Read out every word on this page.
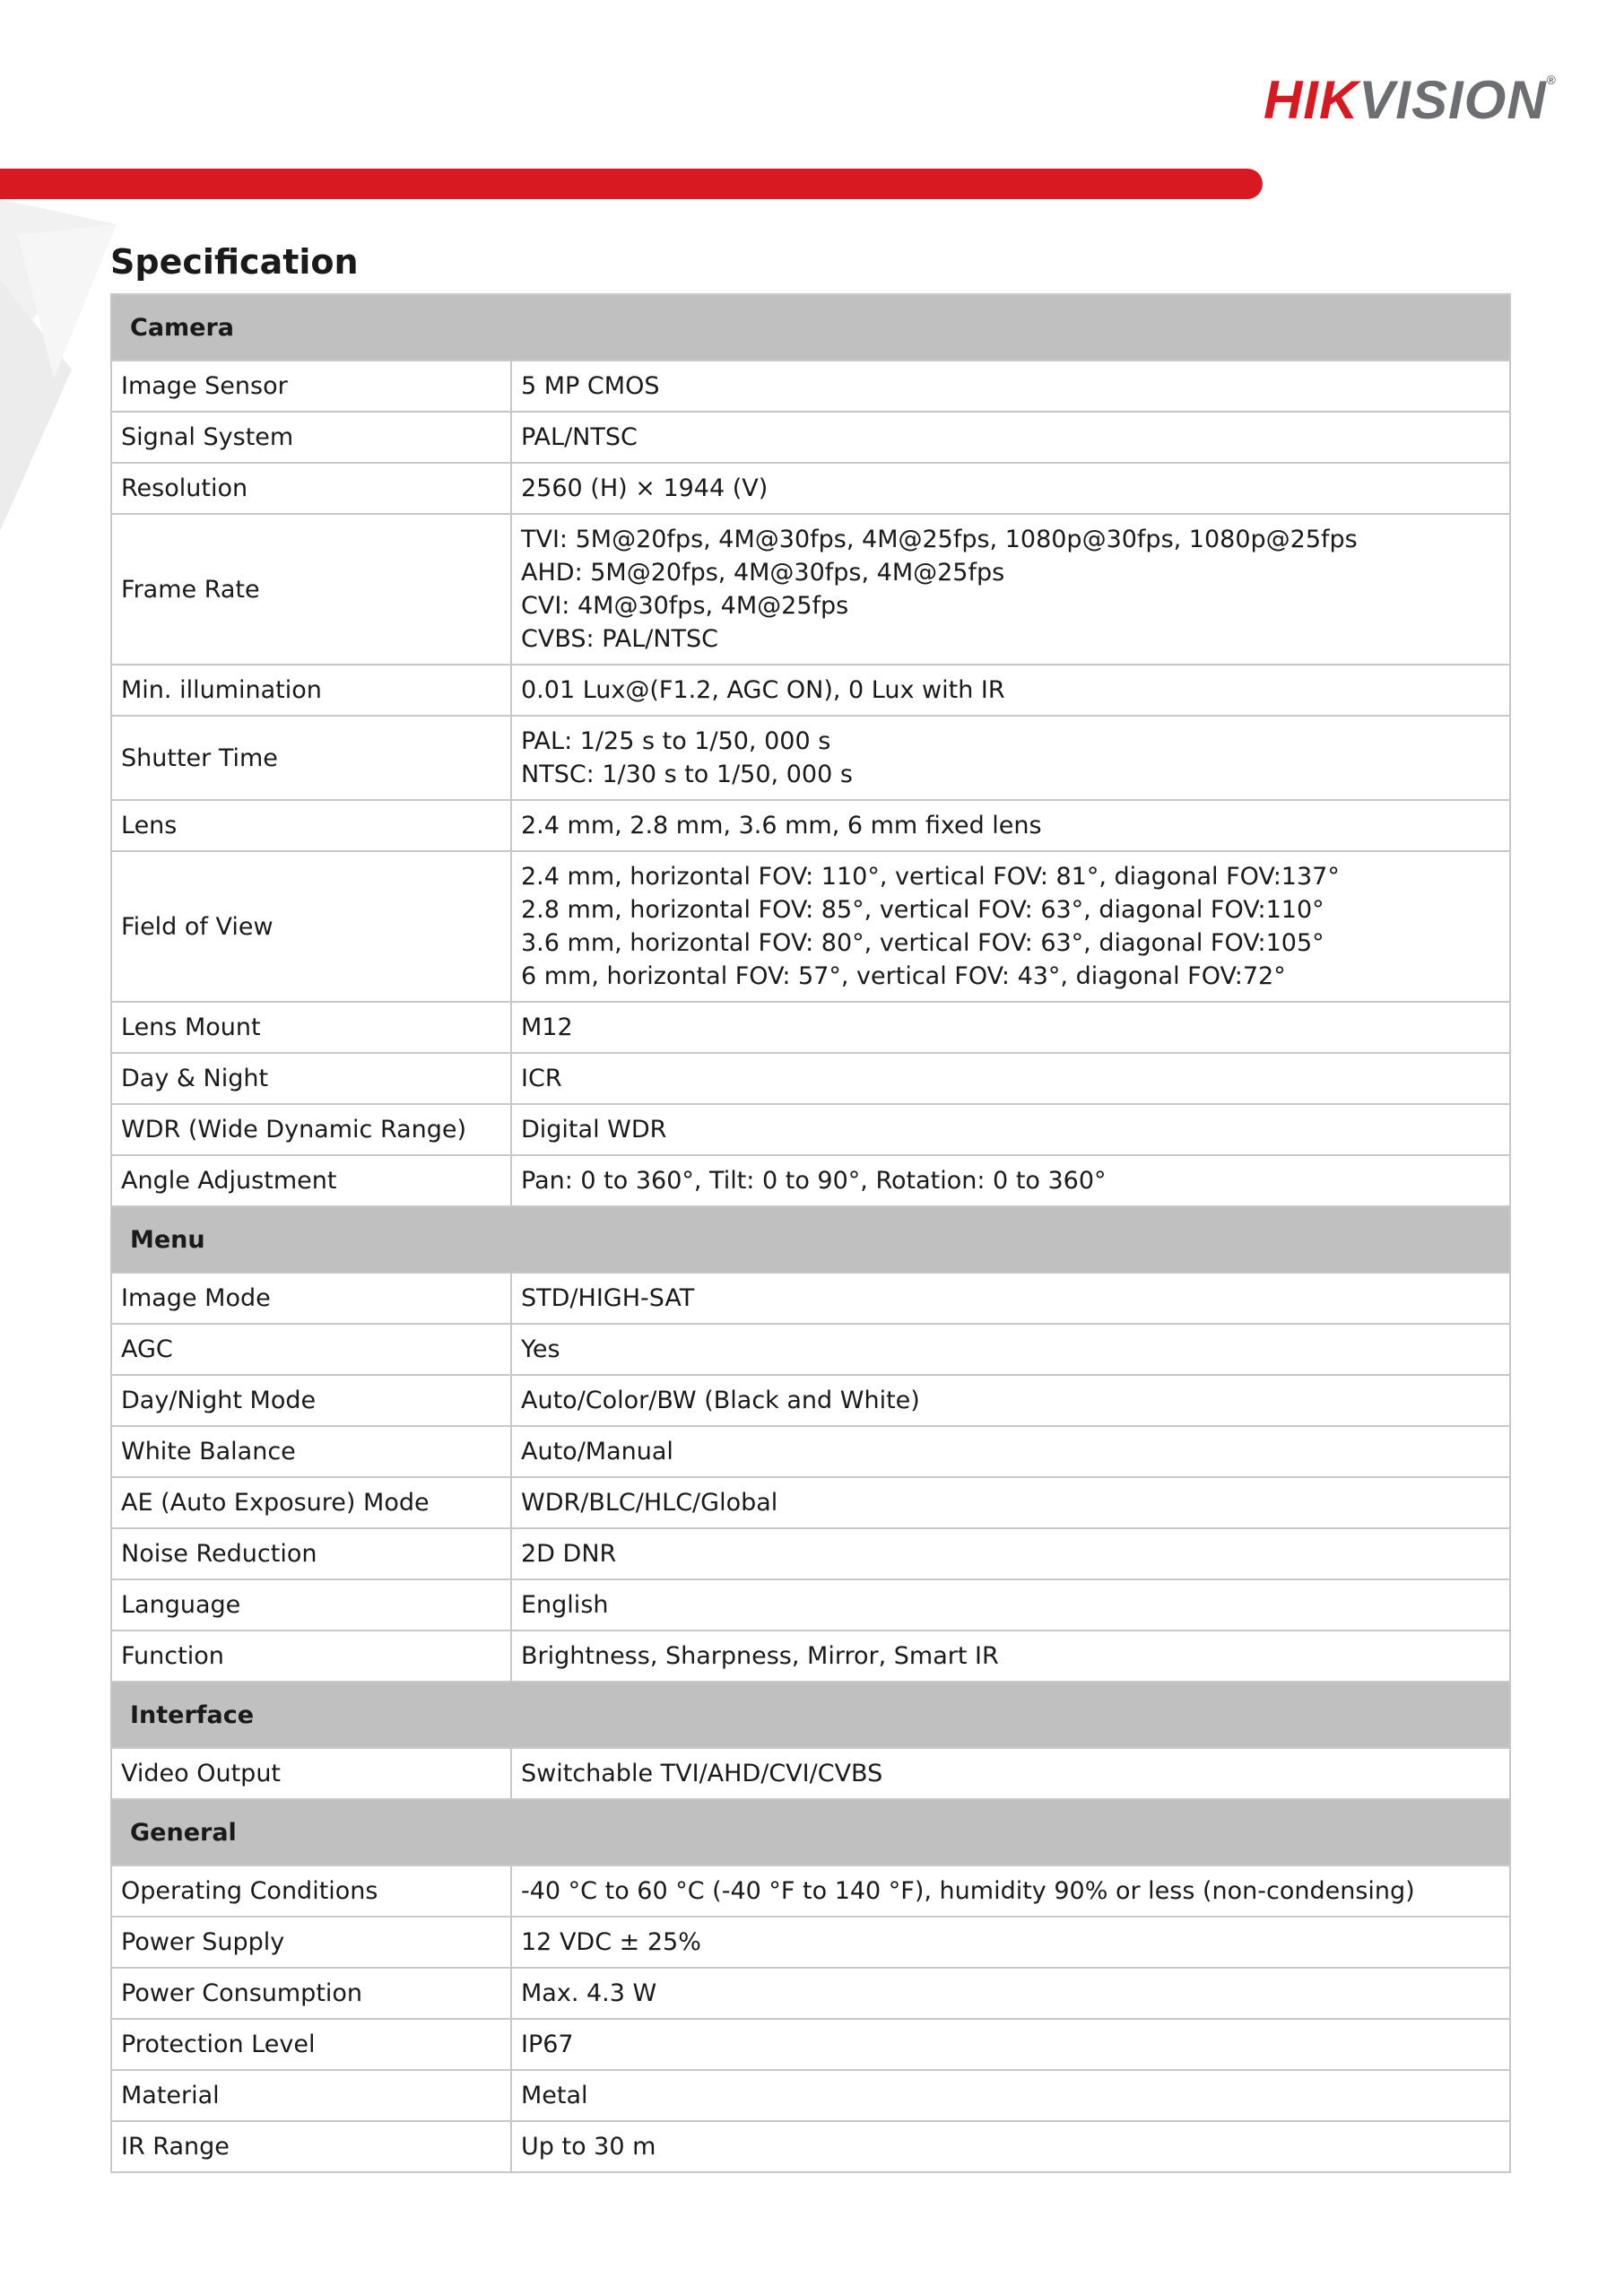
HIKVISION®
Specification
Camera	
Image Sensor	5 MP CMOS

Signal System	PAL/NTSC

Resolution	2560 (H) × 1944 (V)

Frame Rate	TVI: 5M@20fps, 4M@30fps, 4M@25fps, 1080p@30fps, 1080p@25fps
AHD: 5M@20fps, 4M@30fps, 4M@25fps
CVI: 4M@30fps, 4M@25fps
CVBS: PAL/NTSC

Min. illumination	0.01 Lux@(F1.2, AGC ON), 0 Lux with IR

Shutter Time	PAL: 1/25 s to 1/50, 000 s
NTSC: 1/30 s to 1/50, 000 s

Lens	2.4 mm, 2.8 mm, 3.6 mm, 6 mm fixed lens

Field of View	2.4 mm, horizontal FOV: 110°, vertical FOV: 81°, diagonal FOV:137°
2.8 mm, horizontal FOV: 85°, vertical FOV: 63°, diagonal FOV:110°
3.6 mm, horizontal FOV: 80°, vertical FOV: 63°, diagonal FOV:105°
6 mm, horizontal FOV: 57°, vertical FOV: 43°, diagonal FOV:72°

Lens Mount	M12

Day & Night	ICR

WDR (Wide Dynamic Range)	Digital WDR

Angle Adjustment	Pan: 0 to 360°, Tilt: 0 to 90°, Rotation: 0 to 360°

Menu	
Image Mode	STD/HIGH-SAT

AGC	Yes

Day/Night Mode	Auto/Color/BW (Black and White)

White Balance	Auto/Manual

AE (Auto Exposure) Mode	WDR/BLC/HLC/Global

Noise Reduction	2D DNR

Language	English

Function	Brightness, Sharpness, Mirror, Smart IR

Interface	
Video Output	Switchable TVI/AHD/CVI/CVBS

General	
Operating Conditions	-40 °C to 60 °C (-40 °F to 140 °F), humidity 90% or less (non-condensing)

Power Supply	12 VDC ± 25%

Power Consumption	Max. 4.3 W

Protection Level	IP67

Material	Metal

IR Range	Up to 30 m
